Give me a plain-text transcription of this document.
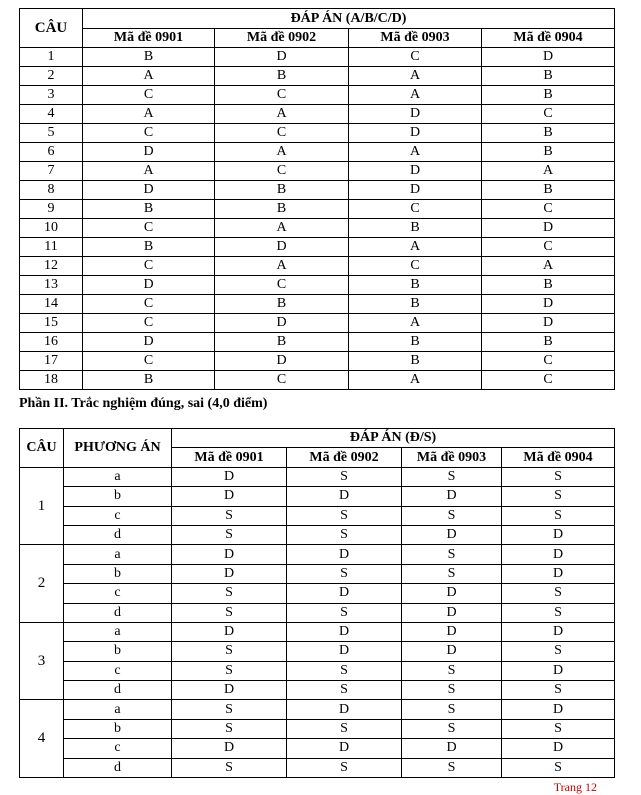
CÂU	ĐÁP ÁN (A/B/C/D)			
	Mã đề 0901	Mã đề 0902	Mã đề 0903	Mã đề 0904
1	B	D	C	D
2	A	B	A	B
3	C	C	A	B
4	A	A	D	C
5	C	C	D	B
6	D	A	A	B
7	A	C	D	A
8	D	B	D	B
9	B	B	C	C
10	C	A	B	D
11	B	D	A	C
12	C	A	C	A
13	D	C	B	B
14	C	B	B	D
15	C	D	A	D
16	D	B	B	B
17	C	D	B	C
18	B	C	A	C
Phần II. Trắc nghiệm đúng, sai (4,0 điểm)
CÂU	PHƯƠNG ÁN	ĐÁP ÁN (Đ/S)			
		Mã đề 0901	Mã đề 0902	Mã đề 0903	Mã đề 0904
1	a	D	S	S	S
	b	D	D	D	S
	c	S	S	S	S
	d	S	S	D	D
2	a	D	D	S	D
	b	D	S	S	D
	c	S	D	D	S
	d	S	S	D	S
3	a	D	D	D	D
	b	S	D	D	S
	c	S	S	S	D
	d	D	S	S	S
4	a	S	D	S	D
	b	S	S	S	S
	c	D	D	D	D
	d	S	S	S	S
Trang 12
